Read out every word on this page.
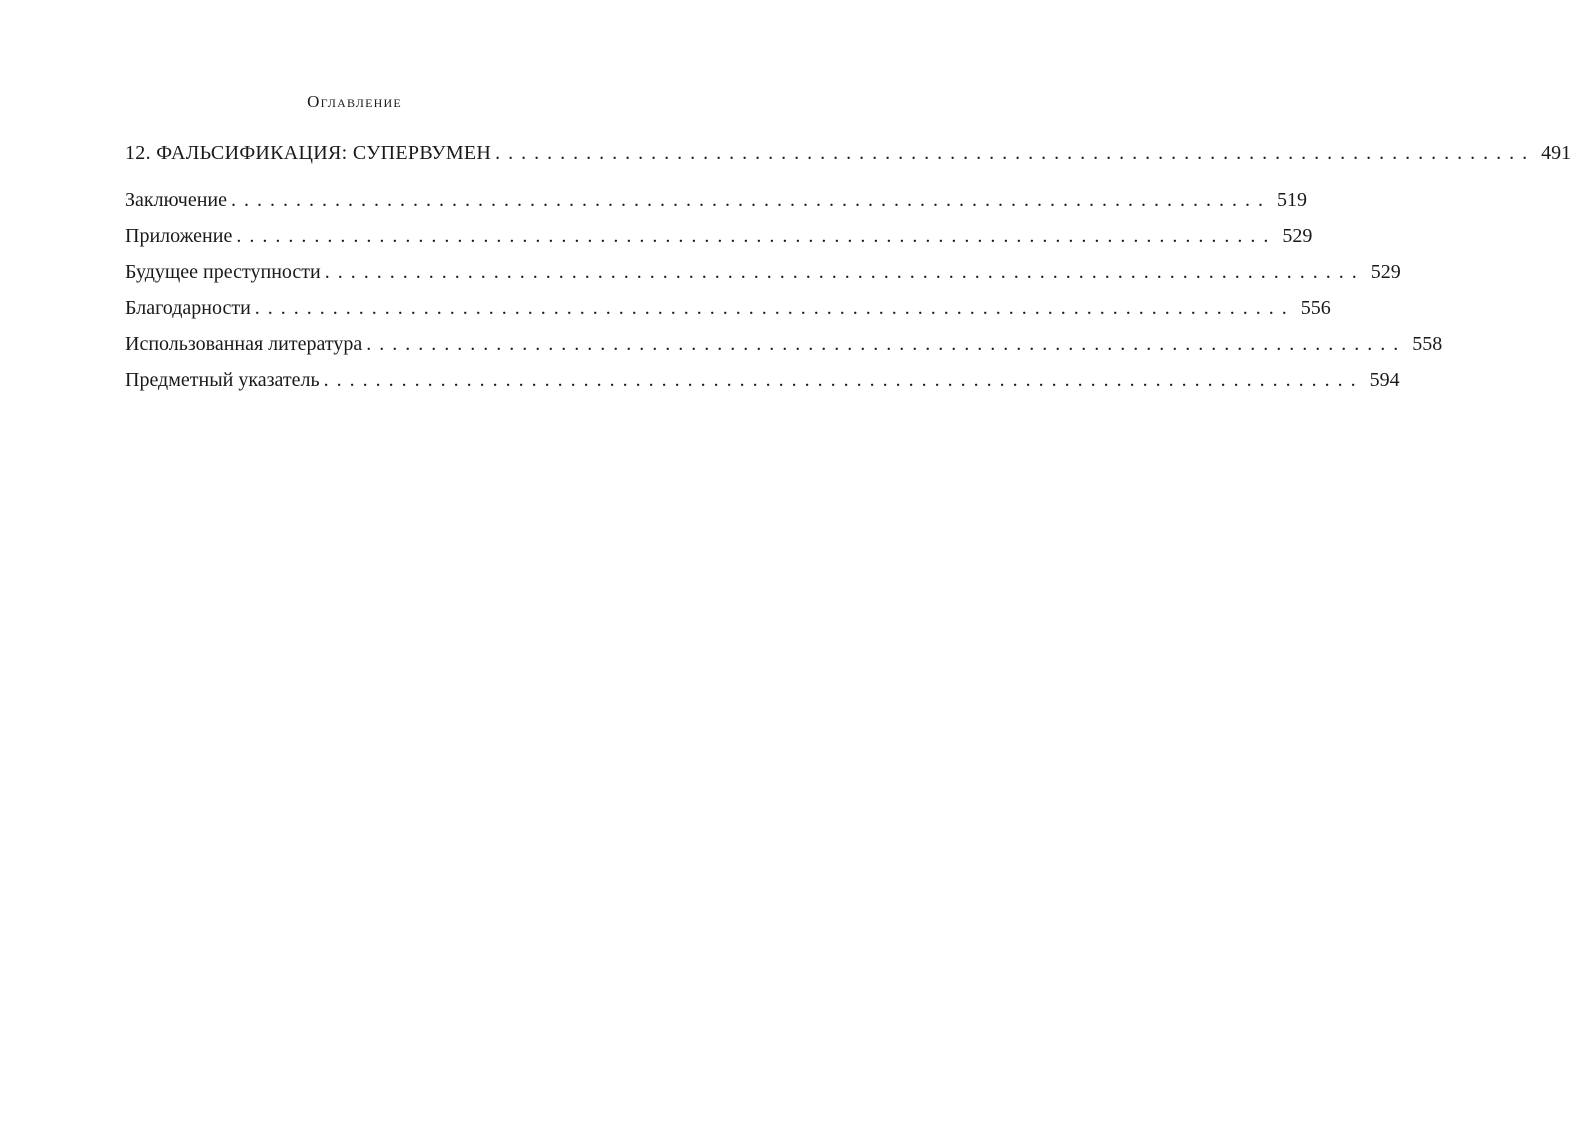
Оглавление
12. ФАЛЬСИФИКАЦИЯ: СУПЕРВУМЕН ................................................................................ 491
Заключение ................................................................................ 519
Приложение ................................................................................ 529
Будущее преступности ................................................................................ 529
Благодарности ................................................................................ 556
Использованная литература ................................................................................ 558
Предметный указатель ................................................................................ 594
